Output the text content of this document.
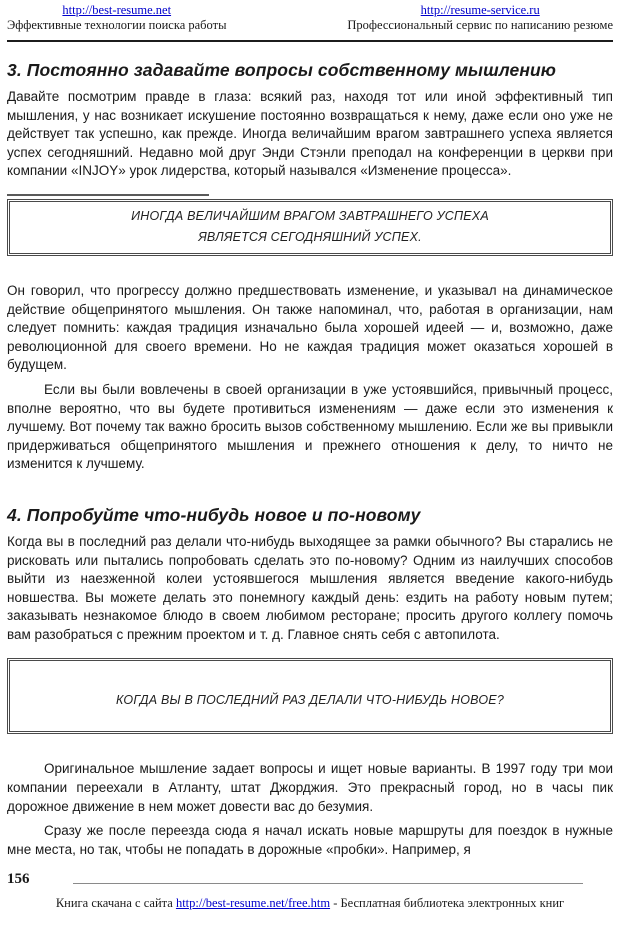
http://best-resume.net
Эффективные технологии поиска работы
http://resume-service.ru
Профессиональный сервис по написанию резюме
3. Постоянно задавайте вопросы собственному мышлению

Давайте посмотрим правде в глаза: всякий раз, находя тот или иной эффективный тип мышления, у нас возникает искушение постоянно возвращаться к нему, даже если оно уже не действует так успешно, как прежде. Иногда величайшим врагом завтрашнего успеха является успех сегодняшний. Недавно мой друг Энди Стэнли преподал на конференции в церкви при компании «INJOY» урок лидерства, который назывался «Изменение процесса».

ИНОГДА ВЕЛИЧАЙШИМ ВРАГОМ ЗАВТРАШНЕГО УСПЕХА
ЯВЛЯЕТСЯ СЕГОДНЯШНИЙ УСПЕХ.

Он говорил, что прогрессу должно предшествовать изменение, и указывал на динамическое действие общепринятого мышления. Он также напоминал, что, работая в организации, нам следует помнить: каждая традиция изначально была хорошей идеей — и, возможно, даже революционной для своего времени. Но не каждая традиция может оказаться хорошей в будущем.

Если вы были вовлечены в своей организации в уже устоявшийся, привычный процесс, вполне вероятно, что вы будете противиться изменениям — даже если это изменения к лучшему. Вот почему так важно бросить вызов собственному мышлению. Если же вы привыкли придерживаться общепринятого мышления и прежнего отношения к делу, то ничто не изменится к лучшему.

4. Попробуйте что-нибудь новое и по-новому

Когда вы в последний раз делали что-нибудь выходящее за рамки обычного? Вы старались не рисковать или пытались попробовать сделать это по-новому? Одним из наилучших способов выйти из наезженной колеи устоявшегося мышления является введение какого-нибудь новшества. Вы можете делать это понемногу каждый день: ездить на работу новым путем; заказывать незнакомое блюдо в своем любимом ресторане; просить другого коллегу помочь вам разобраться с прежним проектом и т. д. Главное снять себя с автопилота.

КОГДА ВЫ В ПОСЛЕДНИЙ РАЗ ДЕЛАЛИ ЧТО-НИБУДЬ НОВОЕ?

Оригинальное мышление задает вопросы и ищет новые варианты. В 1997 году три мои компании переехали в Атланту, штат Джорджия. Это прекрасный город, но в часы пик дорожное движение в нем может довести вас до безумия.

Сразу же после переезда сюда я начал искать новые маршруты для поездок в нужные мне места, но так, чтобы не попадать в дорожные «пробки». Например, я

156
Книга скачана с сайта http://best-resume.net/free.htm - Бесплатная библиотека электронных книг
